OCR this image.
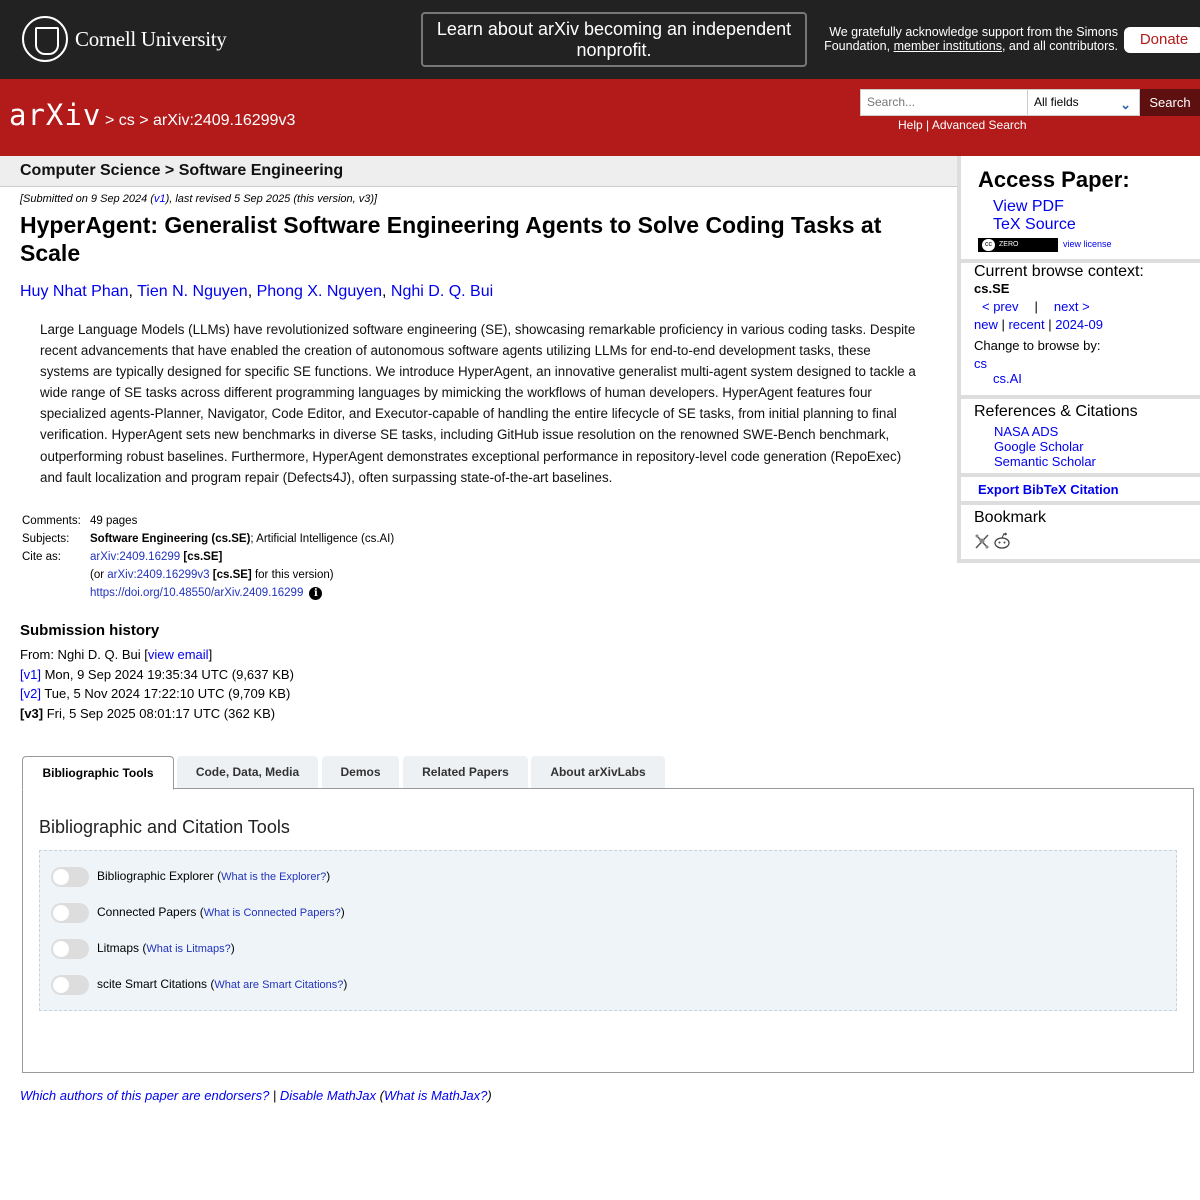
Cornell University	Learn about arXiv becoming an independent nonprofit.
We gratefully acknowledge support from the Simons Foundation, member institutions, and all contributors.	Donate
arXiv > cs > arXiv:2409.16299v3
Search...	All fields	⌄	Search
Help | Advanced Search
Computer Science > Software Engineering
[Submitted on 9 Sep 2024 (v1), last revised 5 Sep 2025 (this version, v3)]
HyperAgent: Generalist Software Engineering Agents to Solve Coding Tasks at Scale
Huy Nhat Phan, Tien N. Nguyen, Phong X. Nguyen, Nghi D. Q. Bui
Large Language Models (LLMs) have revolutionized software engineering (SE), showcasing remarkable proficiency in various coding tasks. Despite recent advancements that have enabled the creation of autonomous software agents utilizing LLMs for end-to-end development tasks, these systems are typically designed for specific SE functions. We introduce HyperAgent, an innovative generalist multi-agent system designed to tackle a wide range of SE tasks across different programming languages by mimicking the workflows of human developers. HyperAgent features four specialized agents-Planner, Navigator, Code Editor, and Executor-capable of handling the entire lifecycle of SE tasks, from initial planning to final verification. HyperAgent sets new benchmarks in diverse SE tasks, including GitHub issue resolution on the renowned SWE-Bench benchmark, outperforming robust baselines. Furthermore, HyperAgent demonstrates exceptional performance in repository-level code generation (RepoExec) and fault localization and program repair (Defects4J), often surpassing state-of-the-art baselines.
Comments:	49 pages
Subjects:	Software Engineering (cs.SE); Artificial Intelligence (cs.AI)
Cite as:	arXiv:2409.16299 [cs.SE]
	(or arXiv:2409.16299v3 [cs.SE] for this version)
	https://doi.org/10.48550/arXiv.2409.16299 i
Submission history
From: Nghi D. Q. Bui [view email]
[v1] Mon, 9 Sep 2024 19:35:34 UTC (9,637 KB)
[v2] Tue, 5 Nov 2024 17:22:10 UTC (9,709 KB)
[v3] Fri, 5 Sep 2025 08:01:17 UTC (362 KB)
Bibliographic Tools	Code, Data, Media	Demos	Related Papers	About arXivLabs
Bibliographic and Citation Tools
Bibliographic Explorer (What is the Explorer?)
Connected Papers (What is Connected Papers?)
Litmaps (What is Litmaps?)
scite Smart Citations (What are Smart Citations?)
Which authors of this paper are endorsers? | Disable MathJax (What is MathJax?)
Access Paper:
View PDF
TeX Source
cc ZERO	view license
Current browse context:
cs.SE
< prev | next >
new | recent | 2024-09
Change to browse by:
cs
cs.AI
References & Citations
NASA ADS
Google Scholar
Semantic Scholar
Export BibTeX Citation
Bookmark
